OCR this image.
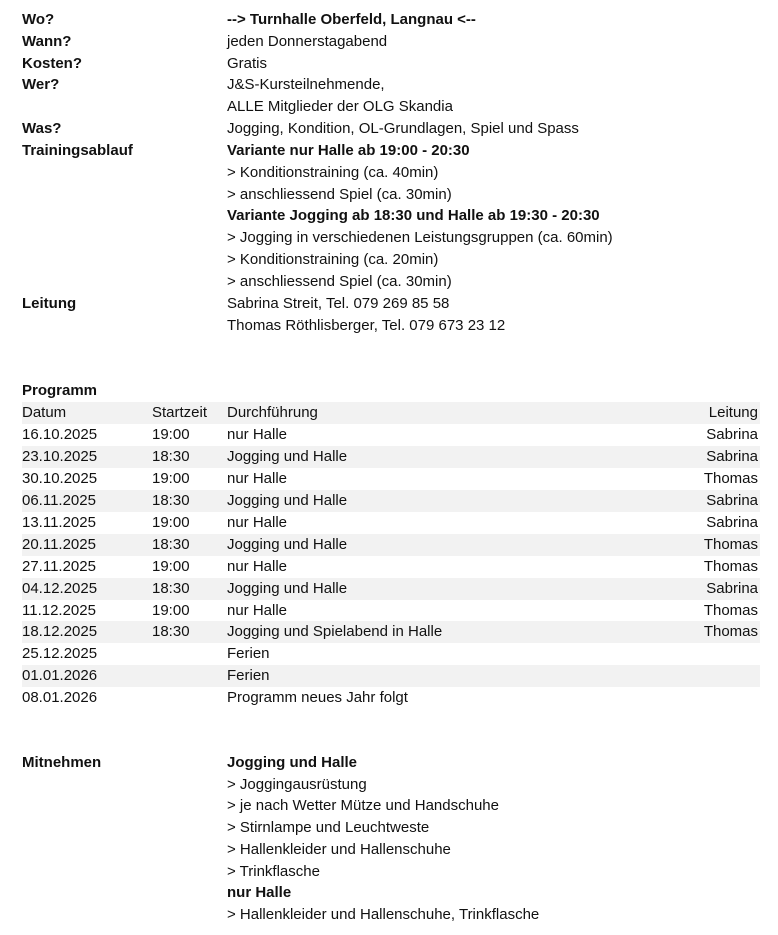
Wo?	--> Turnhalle Oberfeld, Langnau <--
Wann?	jeden Donnerstagabend
Kosten?	Gratis
Wer?	J&S-Kursteilnehmende,
ALLE Mitglieder der OLG Skandia
Was?	Jogging, Kondition, OL-Grundlagen, Spiel und Spass
Trainingsablauf	Variante nur Halle ab 19:00 - 20:30
> Konditionstraining (ca. 40min)
> anschliessend Spiel (ca. 30min)
Variante Jogging ab 18:30 und Halle ab 19:30 - 20:30
> Jogging in verschiedenen Leistungsgruppen (ca. 60min)
> Konditionstraining (ca. 20min)
> anschliessend Spiel (ca. 30min)
Leitung	Sabrina Streit, Tel. 079 269 85 58
Thomas Röthlisberger, Tel. 079 673 23 12
Programm
Datum	Startzeit Durchführung	Leitung
16.10.2025	19:00 nur Halle	Sabrina
23.10.2025	18:30 Jogging und Halle	Sabrina
30.10.2025	19:00 nur Halle	Thomas
06.11.2025	18:30 Jogging und Halle	Sabrina
13.11.2025	19:00 nur Halle	Sabrina
20.11.2025	18:30 Jogging und Halle	Thomas
27.11.2025	19:00 nur Halle	Thomas
04.12.2025	18:30 Jogging und Halle	Sabrina
11.12.2025	19:00 nur Halle	Thomas
18.12.2025	18:30 Jogging und Spielabend in Halle	Thomas
25.12.2025	Ferien
01.01.2026	Ferien
08.01.2026	Programm neues Jahr folgt
Mitnehmen	Jogging und Halle
> Joggingausrüstung
> je nach Wetter Mütze und Handschuhe
> Stirnlampe und Leuchtweste
> Hallenkleider und Hallenschuhe
> Trinkflasche
nur Halle
> Hallenkleider und Hallenschuhe, Trinkflasche
